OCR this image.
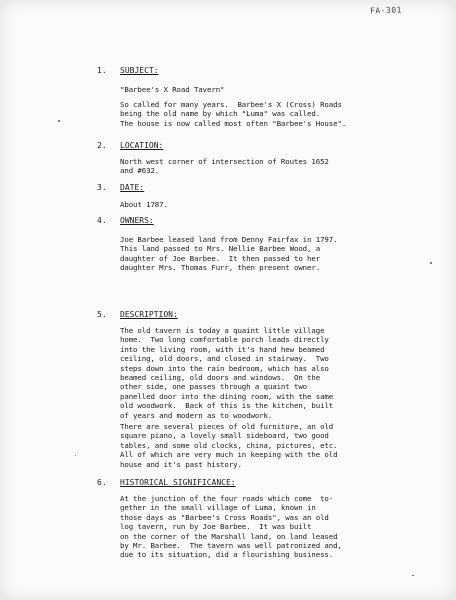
FA-301
1. SUBJECT:
"Barbee's X Road Tavern"
So called for many years.  Barbee's X (Cross) Roads
being the old name by which "Luma" was called.
The house is now called most often "Barbee's House".
2. LOCATION:
North west corner of intersection of Routes 1652
and #632.
3. DATE:
About 1787.
4. OWNERS:
Joe Barbee leased land from Denny Fairfax in 1797.
This land passed to Mrs. Nellie Barbee Wood, a
daughter of Joe Barbee.  It then passed to her
daughter Mrs. Thomas Furr, then present owner.
5. DESCRIPTION:
The old tavern is today a quaint little village
home.  Two long comfortable porch leads directly
into the living room, with it's hand hew beamed
ceiling, old doors, and closed in stairway.  Two
steps down into the rain bedroom, which has also
beamed ceiling, old doors and windows.  On the
other side, one passes through a quaint two
panelled door into the dining room, with the same
old woodwork.  Back of this is the kitchen, built
of years and modern as to woodwork.
There are several pieces of old furniture, an old
square piano, a lovely small sideboard, two good
tables, and some old clocks, china, pictures, etc.
All of which are very much in keeping with the old
house and it's past history.
6. HISTORICAL SIGNIFICANCE:
At the junction of the four roads which come  to-
gether in the small village of Luma, known in
those days as "Barbee's Cross Roads", was an old
log tavern, run by Joe Barbee.  It was built
on the corner of the Marshall land, on land leased
by Mr. Barbee.  The tavern was well patronized and,
due to its situation, did a flourishing business.
